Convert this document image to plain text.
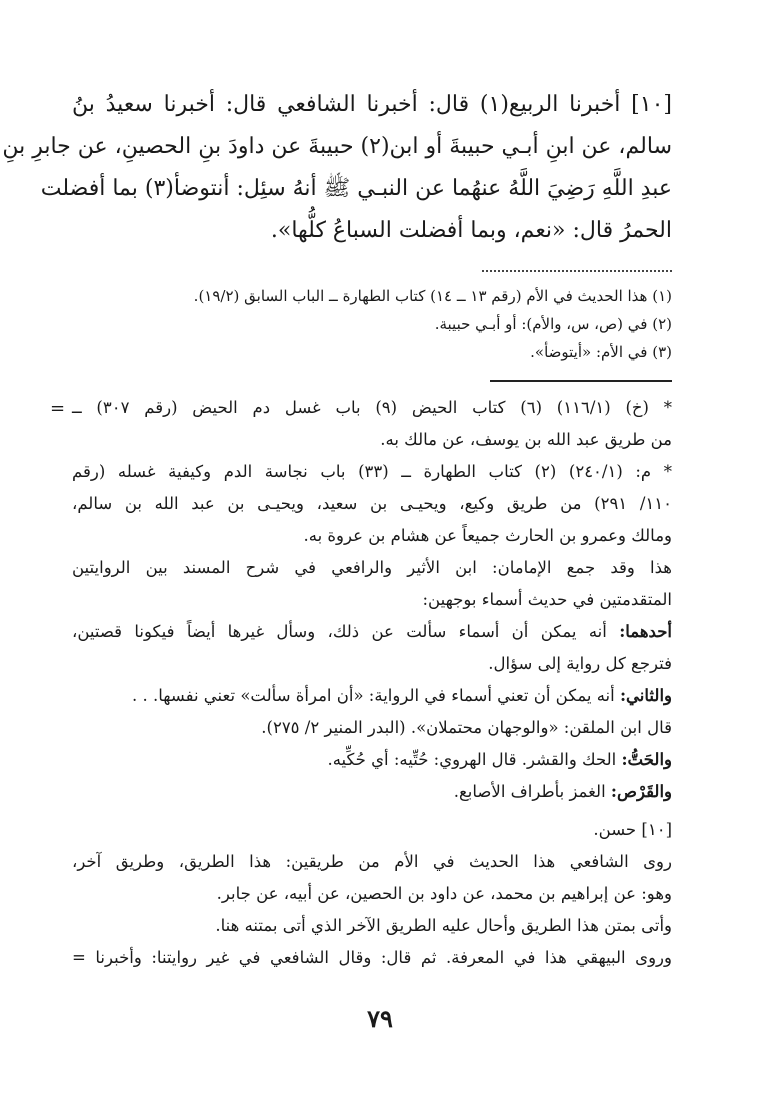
[١٠] أخبرنا الربيع(١) قال: أخبرنا الشافعي قال: أخبرنا سعيدُ بنُ
سالم، عن ابنِ أبـي حبيبةَ أو ابن(٢) حبيبةَ عن داودَ بنِ الحصينِ، عن جابرِ بنِ
عبدِ اللَّهِ رَضِيَ اللَّهُ عنهُما عن النبـي ﷺ أنهُ سئِل: أنتوضأ(٣) بما أفضلت
الحمرُ قال: «نعم، وبما أفضلت السباعُ كلُّها».
(١) هذا الحديث في الأم (رقم ١٣ ــ ١٤) كتاب الطهارة ــ الباب السابق (١٩/٢).
(٢) في (ص، س، والأم): أو أبـي حبيبة.
(٣) في الأم: «أيتوضأ».
= * (خ) (١١٦/١) (٦) كتاب الحيض (٩) باب غسل دم الحيض (رقم ٣٠٧) ــ
من طريق عبد الله بن يوسف، عن مالك به.
* م: (٢٤٠/١) (٢) كتاب الطهارة ــ (٣٣) باب نجاسة الدم وكيفية غسله (رقم
١١٠/ ٢٩١) من طريق وكيع، ويحيـى بن سعيد، ويحيـى بن عبد الله بن سالم،
ومالك وعمرو بن الحارث جميعاً عن هشام بن عروة به.
هذا وقد جمع الإمامان: ابن الأثير والرافعي في شرح المسند بين الروايتين
المتقدمتين في حديث أسماء بوجهين:
أحدهما: أنه يمكن أن أسماء سألت عن ذلك، وسأل غيرها أيضاً فيكونا قصتين،
فترجع كل رواية إلى سؤال.
والثاني: أنه يمكن أن تعني أسماء في الرواية: «أن امرأة سألت» تعني نفسها. . .
قال ابن الملقن: «والوجهان محتملان». (البدر المنير ٢/ ٢٧٥).
والحَتُّ: الحك والقشر. قال الهروي: حُتِّيه: أي حُكِّيه.
والقَرْص: الغمز بأطراف الأصابع.
[١٠] حسن.
روى الشافعي هذا الحديث في الأم من طريقين: هذا الطريق، وطريق آخر،
وهو: عن إبراهيم بن محمد، عن داود بن الحصين، عن أبيه، عن جابر.
وأتى بمتن هذا الطريق وأحال عليه الطريق الآخر الذي أتى بمتنه هنا.
وروى البيهقي هذا في المعرفة. ثم قال: وقال الشافعي في غير روايتنا: وأخبرنا =
٧٩
